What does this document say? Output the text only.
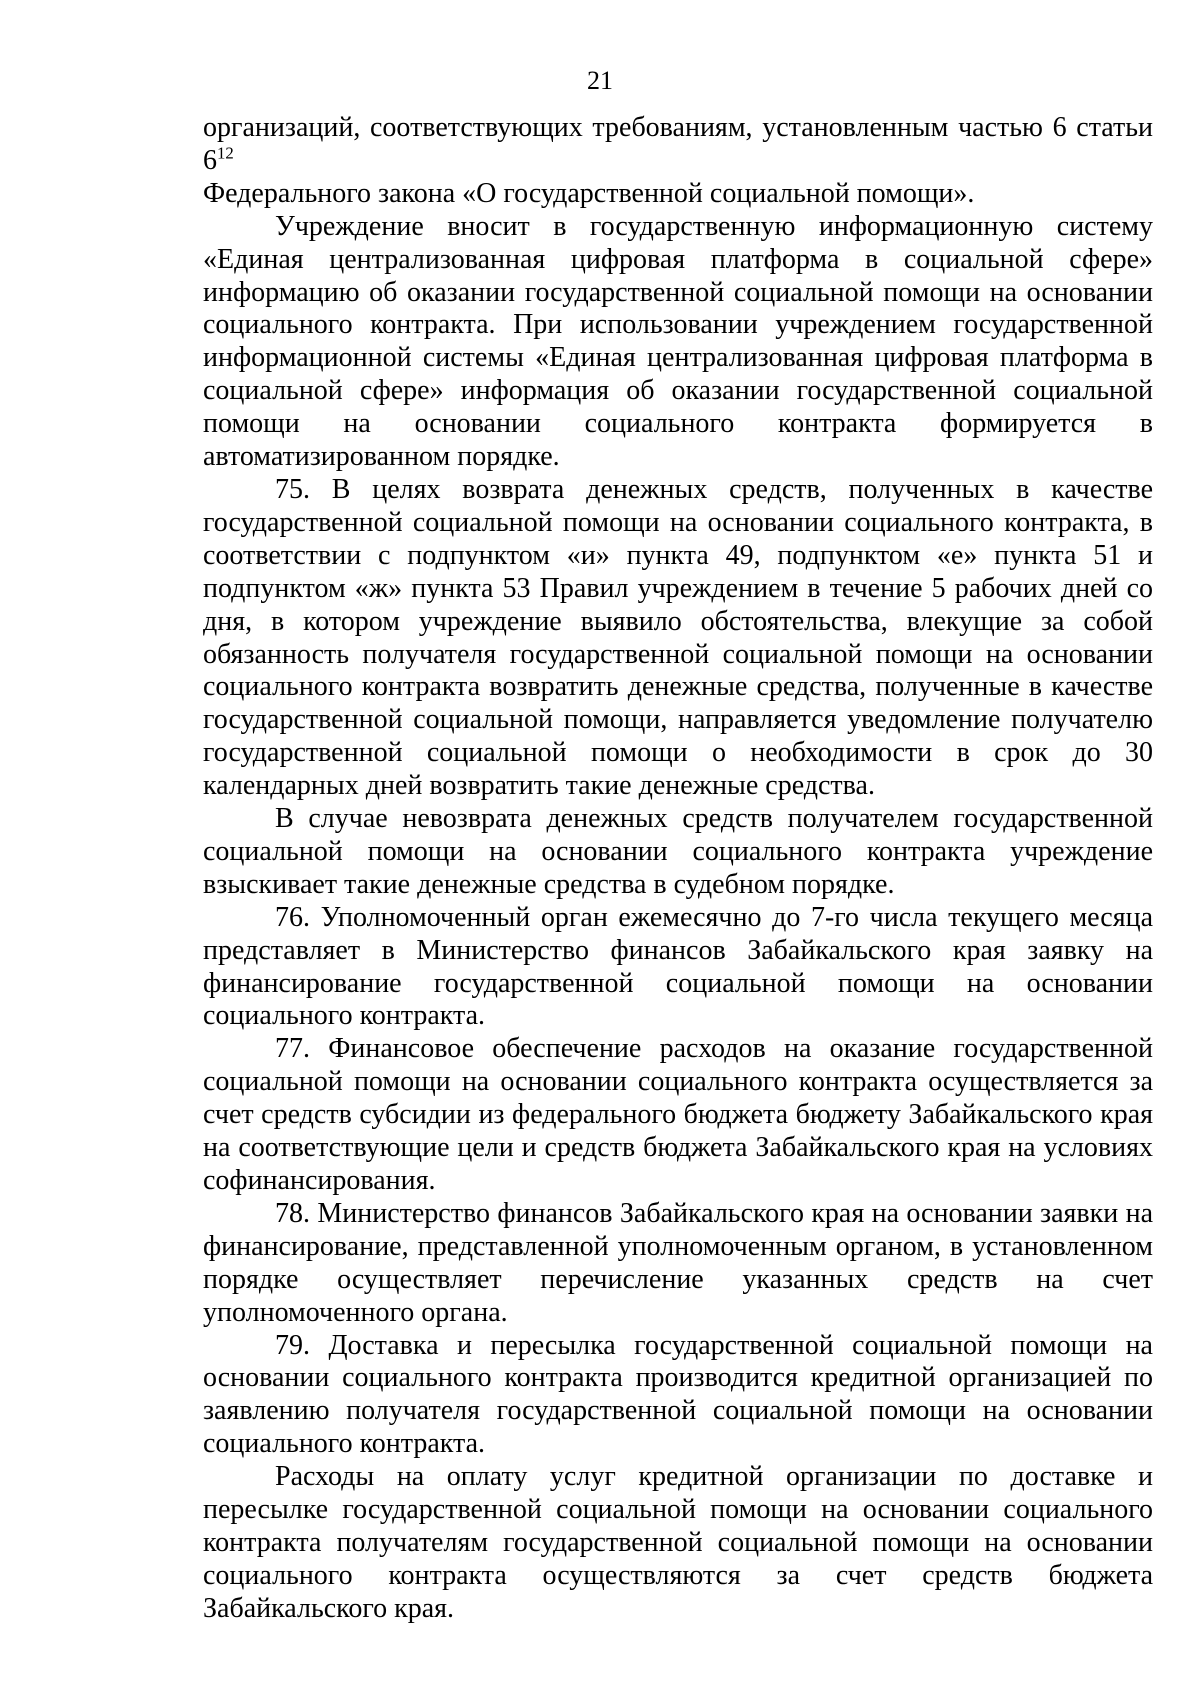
21

организаций, соответствующих требованиям, установленным частью 6 статьи $6^{12}$

Федерального закона «О государственной социальной помощи».

Учреждение вносит в государственную информационную систему «Единая централизованная цифровая платформа в социальной сфере» информацию об оказании государственной социальной помощи на основании социального контракта. При использовании учреждением государственной информационной системы «Единая централизованная цифровая платформа в социальной сфере» информация об оказании государственной социальной помощи на основании социального контракта формируется в автоматизированном порядке.

75. В целях возврата денежных средств, полученных в качестве государственной социальной помощи на основании социального контракта, в соответствии с подпунктом «и» пункта 49, подпунктом «е» пункта 51 и подпунктом «ж» пункта 53 Правил учреждением в течение 5 рабочих дней со дня, в котором учреждение выявило обстоятельства, влекущие за собой обязанность получателя государственной социальной помощи на основании социального контракта возвратить денежные средства, полученные в качестве государственной социальной помощи, направляется уведомление получателю государственной социальной помощи о необходимости в срок до 30 календарных дней возвратить такие денежные средства.

В случае невозврата денежных средств получателем государственной социальной помощи на основании социального контракта учреждение взыскивает такие денежные средства в судебном порядке.

76. Уполномоченный орган ежемесячно до 7-го числа текущего месяца представляет в Министерство финансов Забайкальского края заявку на финансирование государственной социальной помощи на основании социального контракта.

77. Финансовое обеспечение расходов на оказание государственной социальной помощи на основании социального контракта осуществляется за счет средств субсидии из федерального бюджета бюджету Забайкальского края на соответствующие цели и средств бюджета Забайкальского края на условиях софинансирования.

78. Министерство финансов Забайкальского края на основании заявки на финансирование, представленной уполномоченным органом, в установленном порядке осуществляет перечисление указанных средств на счет уполномоченного органа.

79. Доставка и пересылка государственной социальной помощи на основании социального контракта производится кредитной организацией по заявлению получателя государственной социальной помощи на основании социального контракта.

Расходы на оплату услуг кредитной организации по доставке и пересылке государственной социальной помощи на основании социального контракта получателям государственной социальной помощи на основании социального контракта осуществляются за счет средств бюджета Забайкальского края.
